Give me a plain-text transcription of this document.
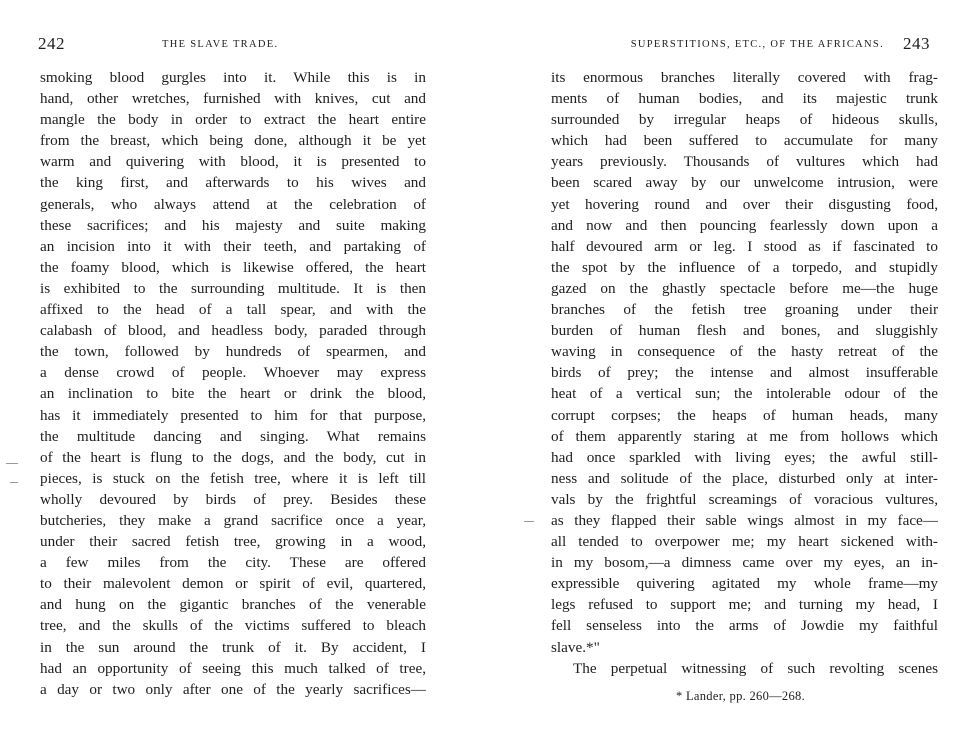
242	THE SLAVE TRADE.
smoking blood gurgles into it. While this is in
hand, other wretches, furnished with knives, cut and
mangle the body in order to extract the heart entire
from the breast, which being done, although it be yet
warm and quivering with blood, it is presented to
the king first, and afterwards to his wives and
generals, who always attend at the celebration of
these sacrifices; and his majesty and suite making
an incision into it with their teeth, and partaking of
the foamy blood, which is likewise offered, the heart
is exhibited to the surrounding multitude. It is then
affixed to the head of a tall spear, and with the
calabash of blood, and headless body, paraded through
the town, followed by hundreds of spearmen, and
a dense crowd of people. Whoever may express
an inclination to bite the heart or drink the blood,
has it immediately presented to him for that purpose,
the multitude dancing and singing. What remains
of the heart is flung to the dogs, and the body, cut in
pieces, is stuck on the fetish tree, where it is left till
wholly devoured by birds of prey. Besides these
butcheries, they make a grand sacrifice once a year,
under their sacred fetish tree, growing in a wood,
a few miles from the city. These are offered
to their malevolent demon or spirit of evil, quartered,
and hung on the gigantic branches of the venerable
tree, and the skulls of the victims suffered to bleach
in the sun around the trunk of it. By accident, I
had an opportunity of seeing this much talked of tree,
a day or two only after one of the yearly sacrifices—
SUPERSTITIONS, ETC., OF THE AFRICANS. 243
its enormous branches literally covered with frag-
ments of human bodies, and its majestic trunk
surrounded by irregular heaps of hideous skulls,
which had been suffered to accumulate for many
years previously. Thousands of vultures which had
been scared away by our unwelcome intrusion, were
yet hovering round and over their disgusting food,
and now and then pouncing fearlessly down upon a
half devoured arm or leg. I stood as if fascinated to
the spot by the influence of a torpedo, and stupidly
gazed on the ghastly spectacle before me—the huge
branches of the fetish tree groaning under their
burden of human flesh and bones, and sluggishly
waving in consequence of the hasty retreat of the
birds of prey; the intense and almost insufferable
heat of a vertical sun; the intolerable odour of the
corrupt corpses; the heaps of human heads, many
of them apparently staring at me from hollows which
had once sparkled with living eyes; the awful still-
ness and solitude of the place, disturbed only at inter-
vals by the frightful screamings of voracious vultures,
as they flapped their sable wings almost in my face—
all tended to overpower me; my heart sickened with-
in my bosom,—a dimness came over my eyes, an in-
expressible quivering agitated my whole frame—my
legs refused to support me; and turning my head, I
fell senseless into the arms of Jowdie my faithful
slave.*"
The perpetual witnessing of such revolting scenes
* Lander, pp. 260—268.
